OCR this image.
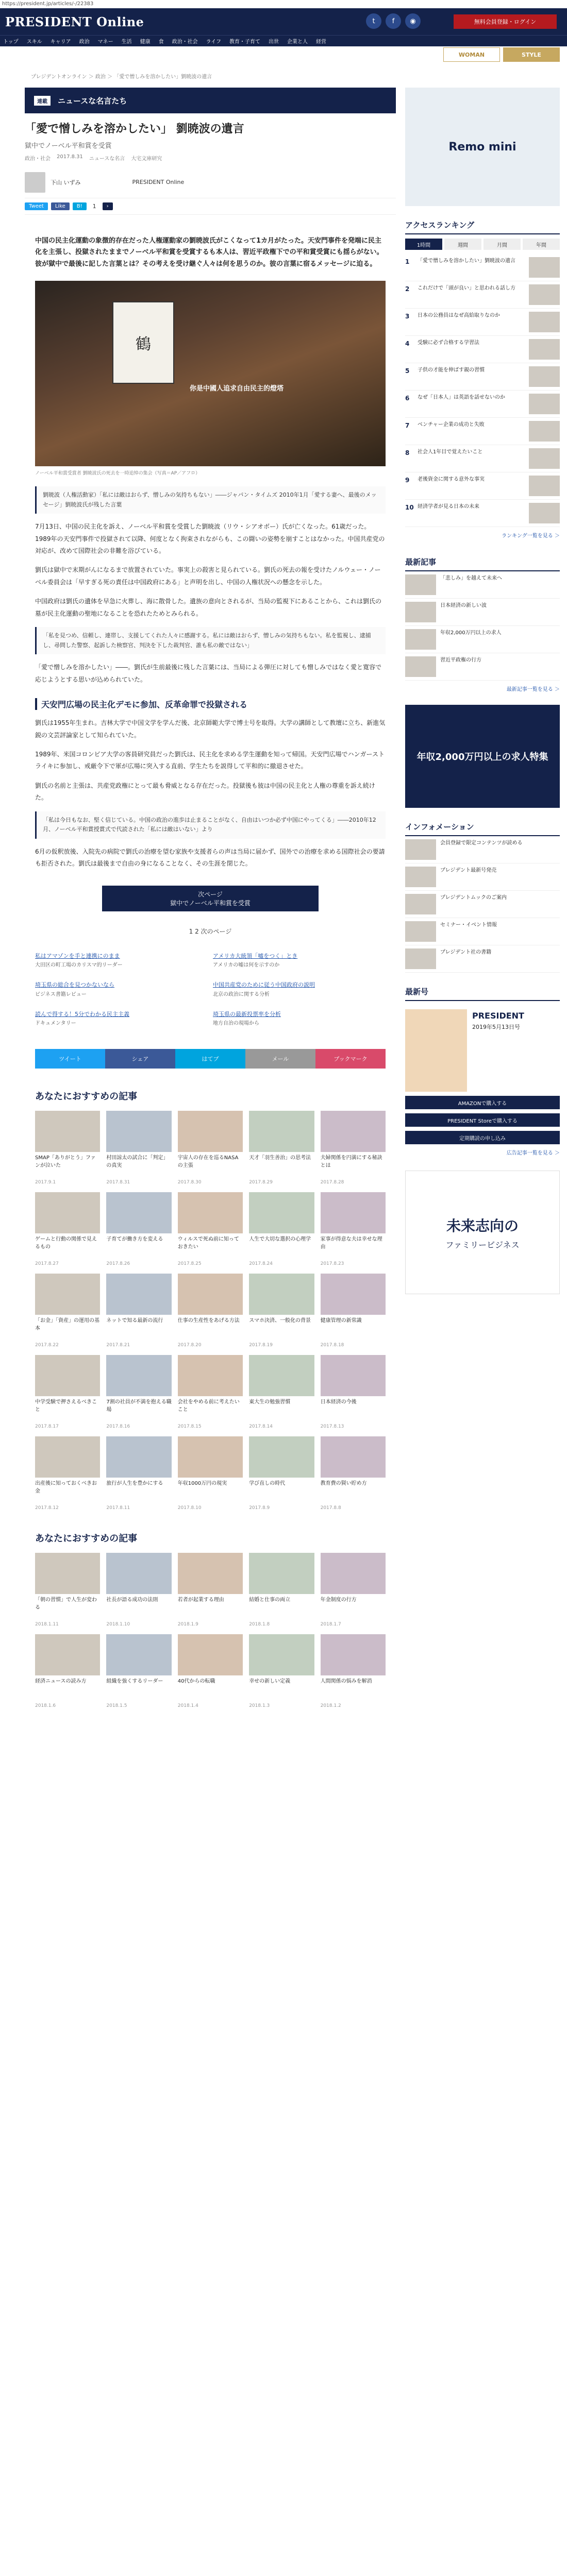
https://president.jp/articles/-/22383
PRESIDENT Online	t	f	◉	無料会員登録・ログイン
トップ スキル キャリア 政治 マネー 生活 健康 食 政治・社会 ライフ 教育・子育て 出世 企業と人 経営
WOMAN	STYLE
プレジデントオンライン ＞ 政治 ＞ 「愛で憎しみを溶かしたい」劉暁波の遺言
連載	ニュースな名言たち
「愛で憎しみを溶かしたい」 劉暁波の遺言
獄中でノーベル平和賞を受賞
政治・社会 2017.8.31 ニュースな名言 大宅文庫研究
下山 いずみ	PRESIDENT Online
Tweet	Like	B!	1	›
中国の民主化運動の象徴的存在だった人権運動家の劉暁波氏がこくなって1カ月がたった。天安門事件を発端に民主化を主張し、投獄されたままでノーベル平和賞を受賞するも本人は、習近平政権下での平和賞受賞にも揺らがない。彼が獄中で最後に記した言葉とは？その考えを受け継ぐ人々は何を思うのか。彼の言葉に宿るメッセージに迫る。
鶴
你是中國人追求自由民主的燈塔
ノーベル平和賞受賞者 劉暁波氏の死去を一時追悼の集会（写真＝AP／アフロ）
劉暁波（人権活動家）「私には敵はおらず、憎しみの気持ちもない」――ジャパン・タイムズ 2010年1月「愛する妻へ、最後のメッセージ」劉暁波氏が残した言葉
7月13日、中国の民主化を訴え、ノーベル平和賞を受賞した劉暁波（リウ・シアオボー）氏が亡くなった。61歳だった。1989年の天安門事件で投獄されて以降、何度となく拘束されながらも、この闘いの姿勢を崩すことはなかった。中国共産党の対応が、改めて国際社会の非難を浴びている。
劉氏は獄中で末期がんになるまで放置されていた。事実上の殺害と見られている。劉氏の死去の報を受けたノルウェー・ノーベル委員会は「早すぎる死の責任は中国政府にある」と声明を出し、中国の人権状況への懸念を示した。
中国政府は劉氏の遺体を早急に火葬し、海に散骨した。遺族の意向とされるが、当局の監視下にあることから、これは劉氏の墓が民主化運動の聖地になることを恐れたためとみられる。
「私を見つめ、信頼し、連帯し、支援してくれた人々に感謝する。私には敵はおらず、憎しみの気持ちもない。私を監視し、逮捕し、尋問した警察、起訴した検察官、判決を下した裁判官、誰も私の敵ではない」
「愛で憎しみを溶かしたい」――。劉氏が生前最後に残した言葉には、当局による弾圧に対しても憎しみではなく愛と寛容で応じようとする思いが込められていた。
天安門広場の民主化デモに参加、反革命罪で投獄される
劉氏は1955年生まれ。吉林大学で中国文学を学んだ後、北京師範大学で博士号を取得。大学の講師として教壇に立ち、新進気鋭の文芸評論家として知られていた。
1989年、米国コロンビア大学の客員研究員だった劉氏は、民主化を求める学生運動を知って帰国。天安門広場でハンガーストライキに参加し、戒厳令下で軍が広場に突入する直前、学生たちを説得して平和的に撤退させた。
劉氏の名前と主張は、共産党政権にとって最も脅威となる存在だった。投獄後も彼は中国の民主化と人権の尊重を訴え続けた。
「私は今日もなお、堅く信じている。中国の政治の進歩は止まることがなく、自由はいつか必ず中国にやってくる」――2010年12月、ノーベル平和賞授賞式で代読された「私には敵はいない」より
6月の仮釈放後、入院先の病院で劉氏の治療を望む家族や支援者らの声は当局に届かず、国外での治療を求める国際社会の要請も拒否された。劉氏は最後まで自由の身になることなく、その生涯を閉じた。
次ページ
獄中でノーベル平和賞を受賞
1 2 次のページ
私はアマゾンを手と連携にのまま
大田区の町工場のカリスマ的リーダー
アメリカ大統領「嘘をつく」とき
アメリカの嘘は何を示すのか
埼玉県の総合を見つかないなら
ビジネス書籍レビュー
中国共産党のために従う中国政府の説明
北京の政治に関する分析
読んで得する！5分でわかる民主主義
ドキュメンタリー
埼玉県の最新投票率を分析
地方自治の現場から
ツイート	シェア	はてブ	メール	ブックマーク
あなたにおすすめの記事
SMAP「ありがとう」ファンが泣いた
2017.9.1
村田諒太の試合に「判定」の真実
2017.8.31
宇宙人の存在を巡るNASAの主張
2017.8.30
天才「羽生善治」の思考法
2017.8.29
夫婦関係を円満にする秘訣とは
2017.8.28
ゲームと行動の関係で見えるもの
2017.8.27
子育てが働き方を変える
2017.8.26
ウィルスで死ぬ前に知っておきたい
2017.8.25
人生で大切な選択の心理学
2017.8.24
家事が得意な夫は幸せな理由
2017.8.23
「お金」「資産」の運用の基本
2017.8.22
ネットで知る最新の流行
2017.8.21
仕事の生産性をあげる方法
2017.8.20
スマホ決済、一般化の背景
2017.8.19
健康管理の新常識
2017.8.18
中学受験で押さえるべきこと
2017.8.17
7割の社員が不満を抱える職場
2017.8.16
会社をやめる前に考えたいこと
2017.8.15
東大生の勉強習慣
2017.8.14
日本経済の今後
2017.8.13
出産後に知っておくべきお金
2017.8.12
旅行が人生を豊かにする
2017.8.11
年収1000万円の現実
2017.8.10
学び直しの時代
2017.8.9
教育費の賢い貯め方
2017.8.8
あなたにおすすめの記事
「朝の習慣」で人生が変わる
2018.1.11
社長が語る成功の法則
2018.1.10
若者が起業する理由
2018.1.9
結婚と仕事の両立
2018.1.8
年金制度の行方
2018.1.7
経済ニュースの読み方
2018.1.6
組織を強くするリーダー
2018.1.5
40代からの転職
2018.1.4
幸せの新しい定義
2018.1.3
人間関係の悩みを解消
2018.1.2
Remo mini
アクセスランキング
1時間	週間	月間	年間
1	「愛で憎しみを溶かしたい」劉暁波の遺言
2	これだけで「頭が良い」と思われる話し方
3	日本の公務員はなぜ高給取りなのか
4	受験に必ず合格する学習法
5	子供の才能を伸ばす親の習慣
6	なぜ「日本人」は英語を話せないのか
7	ベンチャー企業の成功と失敗
8	社会人1年目で覚えたいこと
9	老後資金に関する意外な事実
10 経済学者が見る日本の未来
ランキング一覧を見る ＞
最新記事
「悲しみ」を越えて未来へ
日本経済の新しい波
年収2,000万円以上の求人
習近平政権の行方
最新記事一覧を見る ＞
年収2,000万円以上の求人特集
インフォメーション
会員登録で限定コンテンツが読める
プレジデント最新号発売
プレジデントムックのご案内
セミナー・イベント情報
プレジデント社の書籍
最新号
PRESIDENT
2019年5月13日号
AMAZONで購入する
PRESIDENT Storeで購入する
定期購読の申し込み
広告記事一覧を見る ＞
未来志向の
ファミリービジネス
